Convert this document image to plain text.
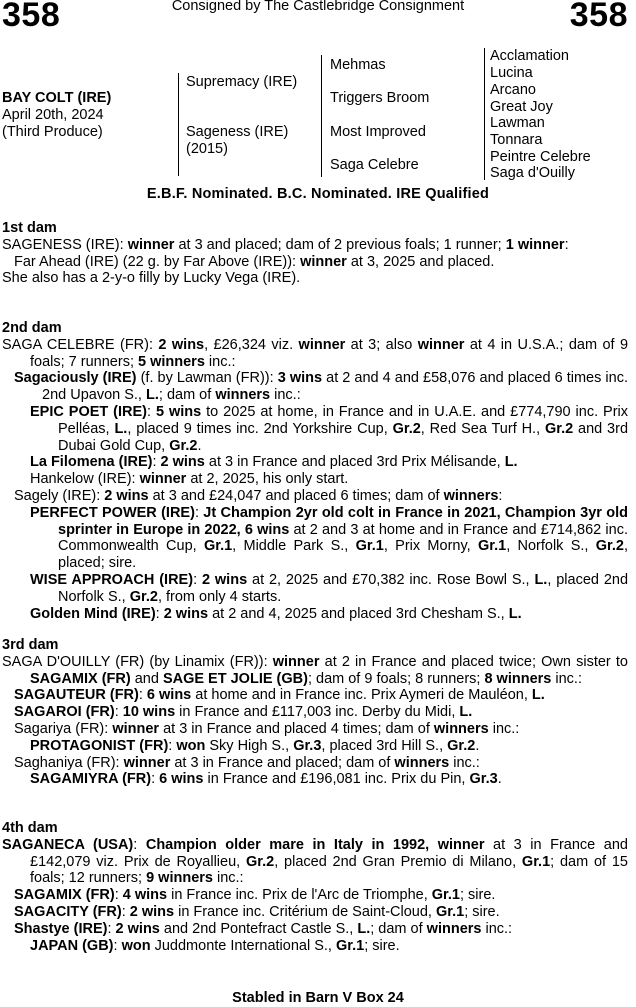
358	358
Consigned by The Castlebridge Consignment
BAY COLT (IRE)
April 20th, 2024
(Third Produce)
Supremacy (IRE)
Sageness (IRE)
(2015)
Mehmas
Triggers Broom
Most Improved
Saga Celebre
Acclamation
Lucina
Arcano
Great Joy
Lawman
Tonnara
Peintre Celebre
Saga d'Ouilly
E.B.F. Nominated. B.C. Nominated. IRE Qualified

1st dam

SAGENESS (IRE): winner at 3 and placed; dam of 2 previous foals; 1 runner; 1 winner:

Far Ahead (IRE) (22 g. by Far Above (IRE)): winner at 3, 2025 and placed.

She also has a 2-y-o filly by Lucky Vega (IRE).

2nd dam

SAGA CELEBRE (FR): 2 wins, £26,324 viz. winner at 3; also winner at 4 in U.S.A.; dam of 9 foals; 7 runners; 5 winners inc.:

Sagaciously (IRE) (f. by Lawman (FR)): 3 wins at 2 and 4 and £58,076 and placed 6 times inc. 2nd Upavon S., L.; dam of winners inc.:

EPIC POET (IRE): 5 wins to 2025 at home, in France and in U.A.E. and £774,790 inc. Prix Pelléas, L., placed 9 times inc. 2nd Yorkshire Cup, Gr.2, Red Sea Turf H., Gr.2 and 3rd Dubai Gold Cup, Gr.2.

La Filomena (IRE): 2 wins at 3 in France and placed 3rd Prix Mélisande, L.

Hankelow (IRE): winner at 2, 2025, his only start.

Sagely (IRE): 2 wins at 3 and £24,047 and placed 6 times; dam of winners:

PERFECT POWER (IRE): Jt Champion 2yr old colt in France in 2021, Champion 3yr old sprinter in Europe in 2022, 6 wins at 2 and 3 at home and in France and £714,862 inc. Commonwealth Cup, Gr.1, Middle Park S., Gr.1, Prix Morny, Gr.1, Norfolk S., Gr.2, placed; sire.

WISE APPROACH (IRE): 2 wins at 2, 2025 and £70,382 inc. Rose Bowl S., L., placed 2nd Norfolk S., Gr.2, from only 4 starts.

Golden Mind (IRE): 2 wins at 2 and 4, 2025 and placed 3rd Chesham S., L.

3rd dam

SAGA D'OUILLY (FR) (by Linamix (FR)): winner at 2 in France and placed twice; Own sister to SAGAMIX (FR) and SAGE ET JOLIE (GB); dam of 9 foals; 8 runners; 8 winners inc.:

SAGAUTEUR (FR): 6 wins at home and in France inc. Prix Aymeri de Mauléon, L.

SAGAROI (FR): 10 wins in France and £117,003 inc. Derby du Midi, L.

Sagariya (FR): winner at 3 in France and placed 4 times; dam of winners inc.:

PROTAGONIST (FR): won Sky High S., Gr.3, placed 3rd Hill S., Gr.2.

Saghaniya (FR): winner at 3 in France and placed; dam of winners inc.:

SAGAMIYRA (FR): 6 wins in France and £196,081 inc. Prix du Pin, Gr.3.

4th dam

SAGANECA (USA): Champion older mare in Italy in 1992, winner at 3 in France and £142,079 viz. Prix de Royallieu, Gr.2, placed 2nd Gran Premio di Milano, Gr.1; dam of 15 foals; 12 runners; 9 winners inc.:

SAGAMIX (FR): 4 wins in France inc. Prix de l'Arc de Triomphe, Gr.1; sire.

SAGACITY (FR): 2 wins in France inc. Critérium de Saint-Cloud, Gr.1; sire.

Shastye (IRE): 2 wins and 2nd Pontefract Castle S., L.; dam of winners inc.:

JAPAN (GB): won Juddmonte International S., Gr.1; sire.

Stabled in Barn V Box 24
